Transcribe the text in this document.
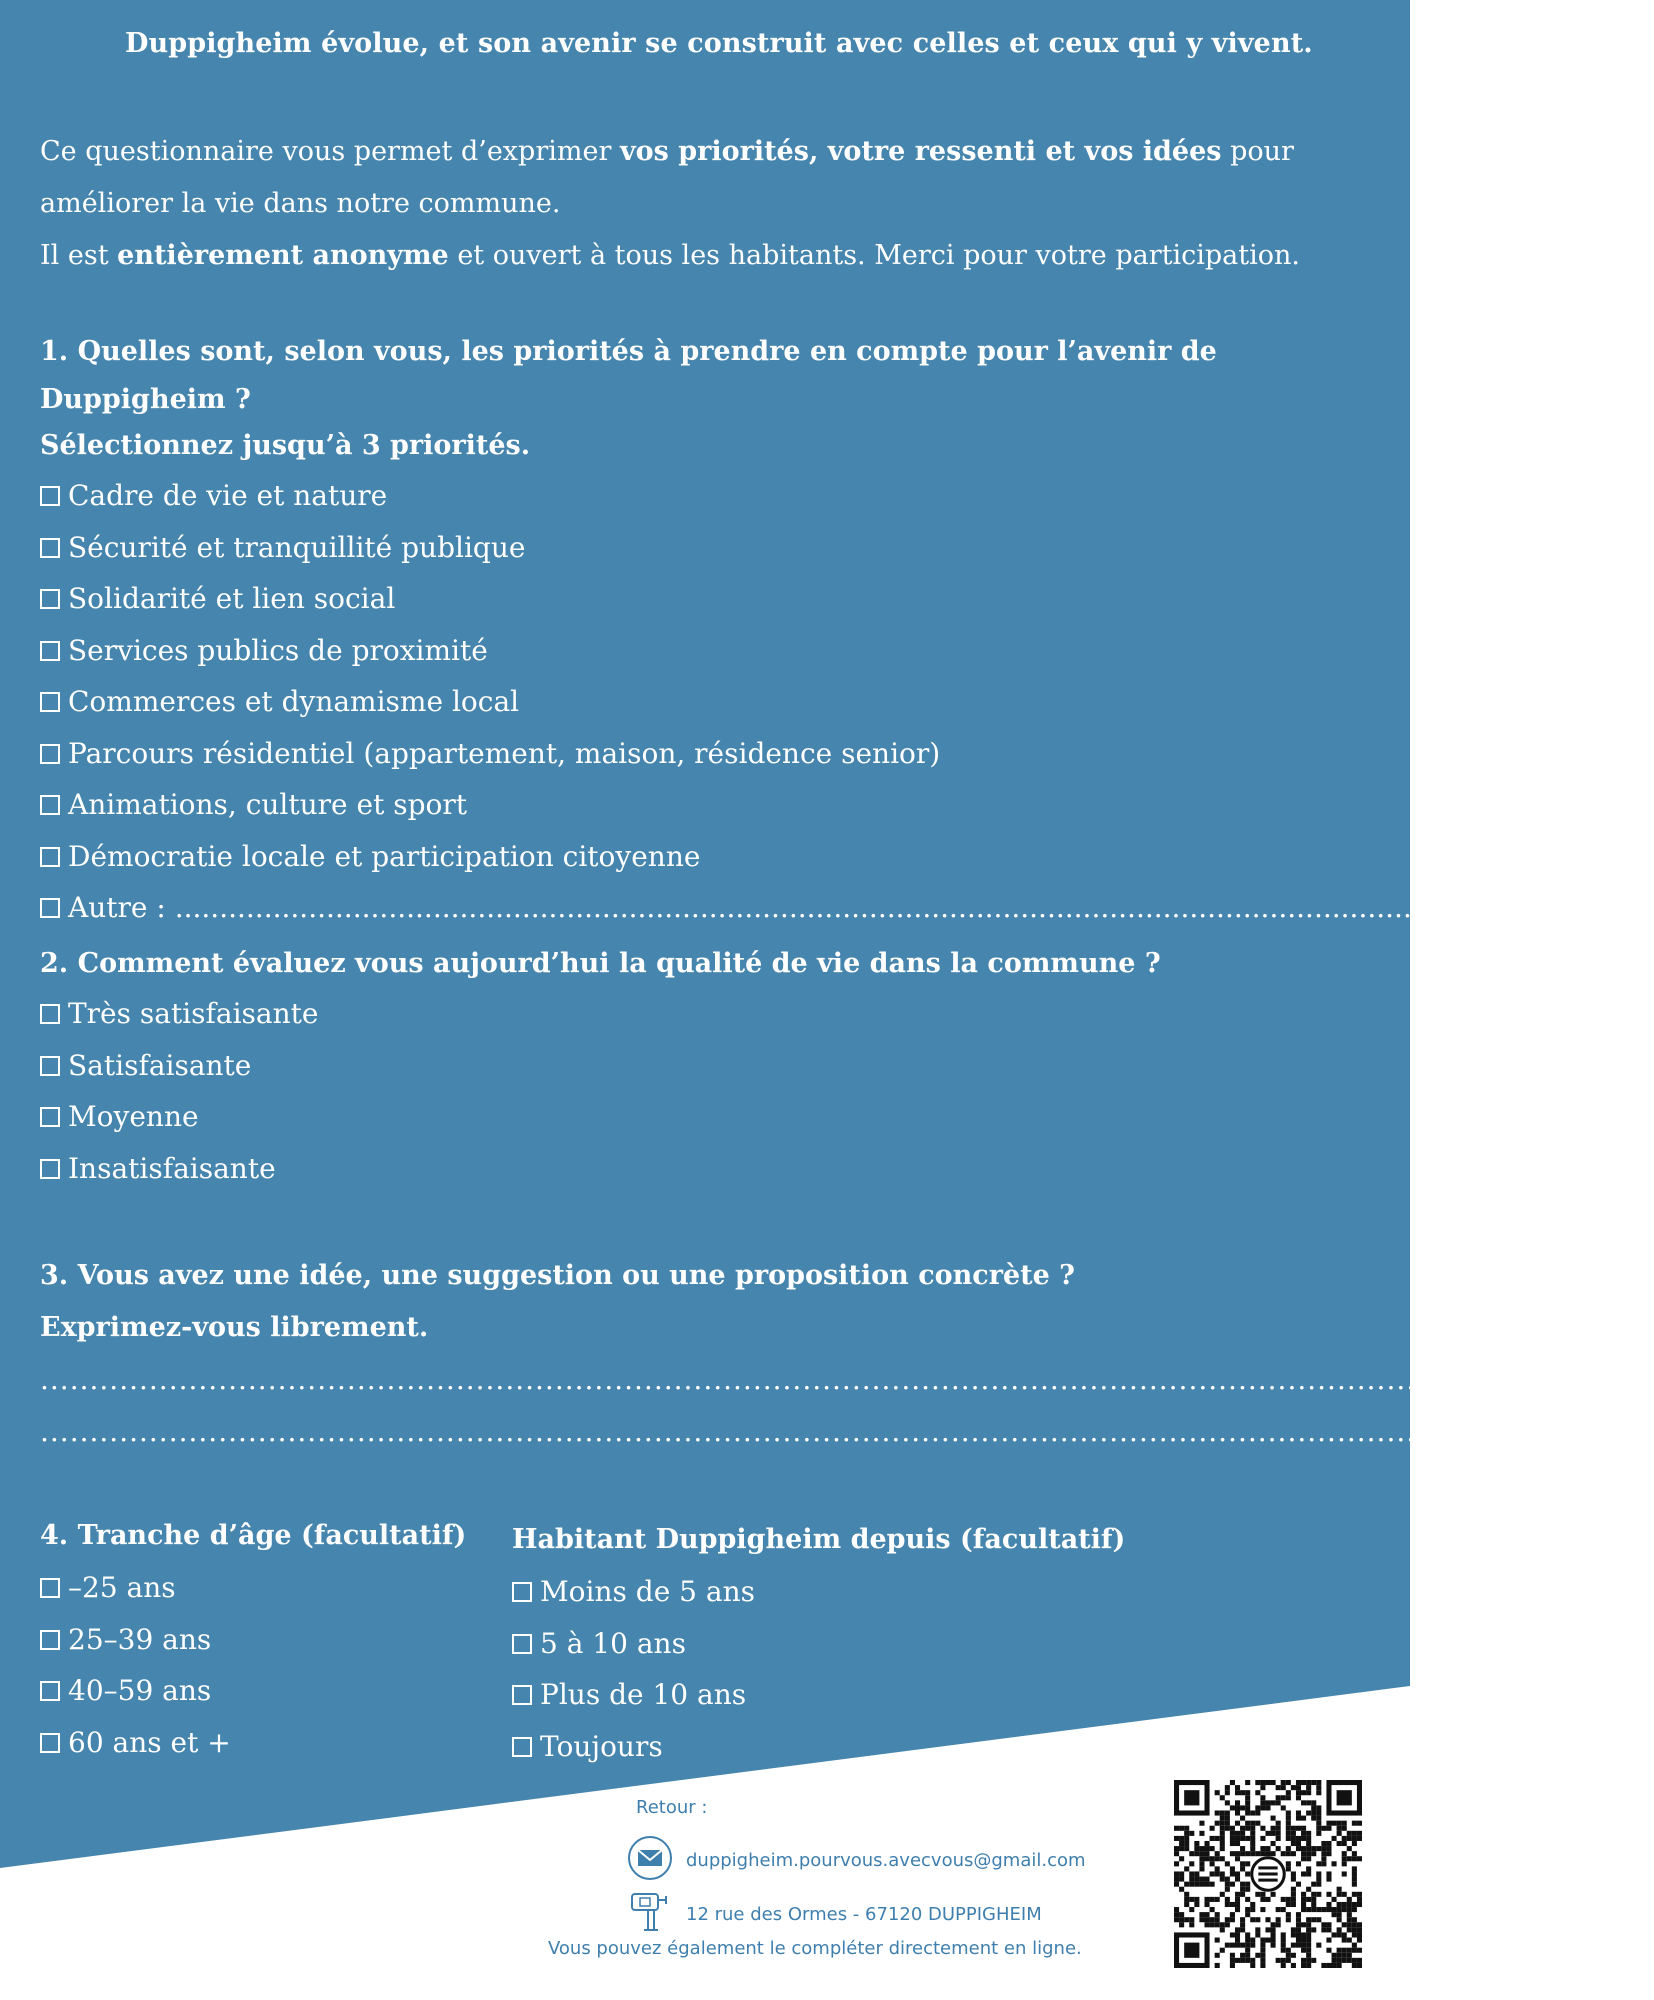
Duppigheim évolue, et son avenir se construit avec celles et ceux qui y vivent.
Ce questionnaire vous permet d’exprimer vos priorités, votre ressenti et vos idées pour
améliorer la vie dans notre commune.
Il est entièrement anonyme et ouvert à tous les habitants. Merci pour votre participation.
1. Quelles sont, selon vous, les priorités à prendre en compte pour l’avenir de Duppigheim ?
Sélectionnez jusqu’à 3 priorités.
Cadre de vie et nature
Sécurité et tranquillité publique
Solidarité et lien social
Services publics de proximité
Commerces et dynamisme local
Parcours résidentiel (appartement, maison, résidence senior)
Animations, culture et sport
Démocratie locale et participation citoyenne
Autre : ......................................................................................................................................................
2. Comment évaluez vous aujourd’hui la qualité de vie dans la commune ?
Très satisfaisante
Satisfaisante
Moyenne
Insatisfaisante
3. Vous avez une idée, une suggestion ou une proposition concrète ?
Exprimez-vous librement.
...................................................................................................................................................................
...................................................................................................................................................................
4. Tranche d’âge (facultatif)
–25 ans
25–39 ans
40–59 ans
60 ans et +
Habitant Duppigheim depuis (facultatif)
Moins de 5 ans
5 à 10 ans
Plus de 10 ans
Toujours
Retour :
duppigheim.pourvous.avecvous@gmail.com
12 rue des Ormes - 67120 DUPPIGHEIM
Vous pouvez également le compléter directement en ligne.
